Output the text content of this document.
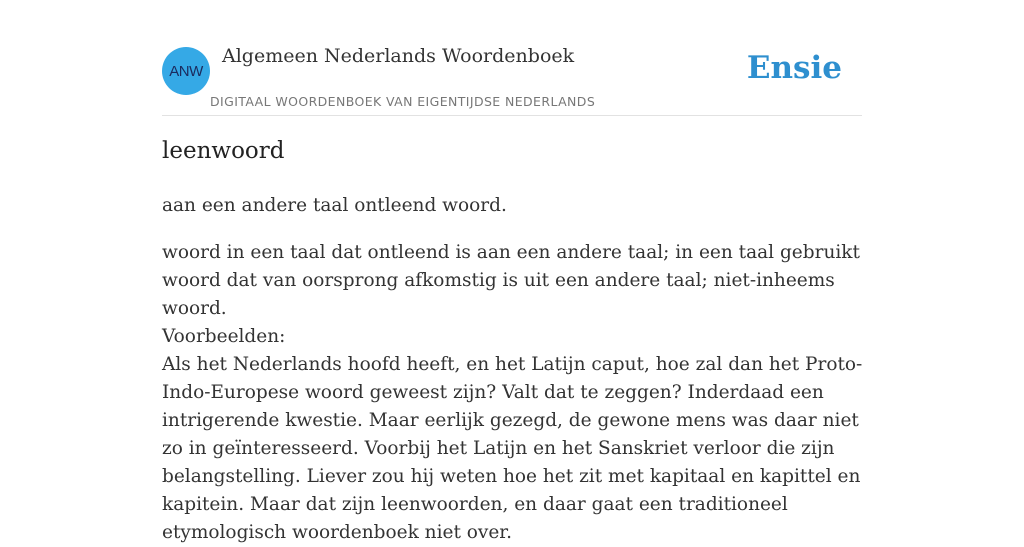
ANW
Algemeen Nederlands Woordenboek
DIGITAAL WOORDENBOEK VAN EIGENTIJDSE NEDERLANDS
Ensie
leenwoord

aan een andere taal ontleend woord.

woord in een taal dat ontleend is aan een andere taal; in een taal gebruikt woord dat van oorsprong afkomstig is uit een andere taal; niet-inheems woord.

Voorbeelden:
Als het Nederlands hoofd heeft, en het Latijn caput, hoe zal dan het Proto-Indo-Europese woord geweest zijn? Valt dat te zeggen? Inderdaad een intrigerende kwestie. Maar eerlijk gezegd, de gewone mens was daar niet zo in geïnteresseerd. Voorbij het Latijn en het Sanskriet verloor die zijn belangstelling. Liever zou hij weten hoe het zit met kapitaal en kapittel en kapitein. Maar dat zijn leenwoorden, en daar gaat een traditioneel etymologisch woordenboek niet over.
